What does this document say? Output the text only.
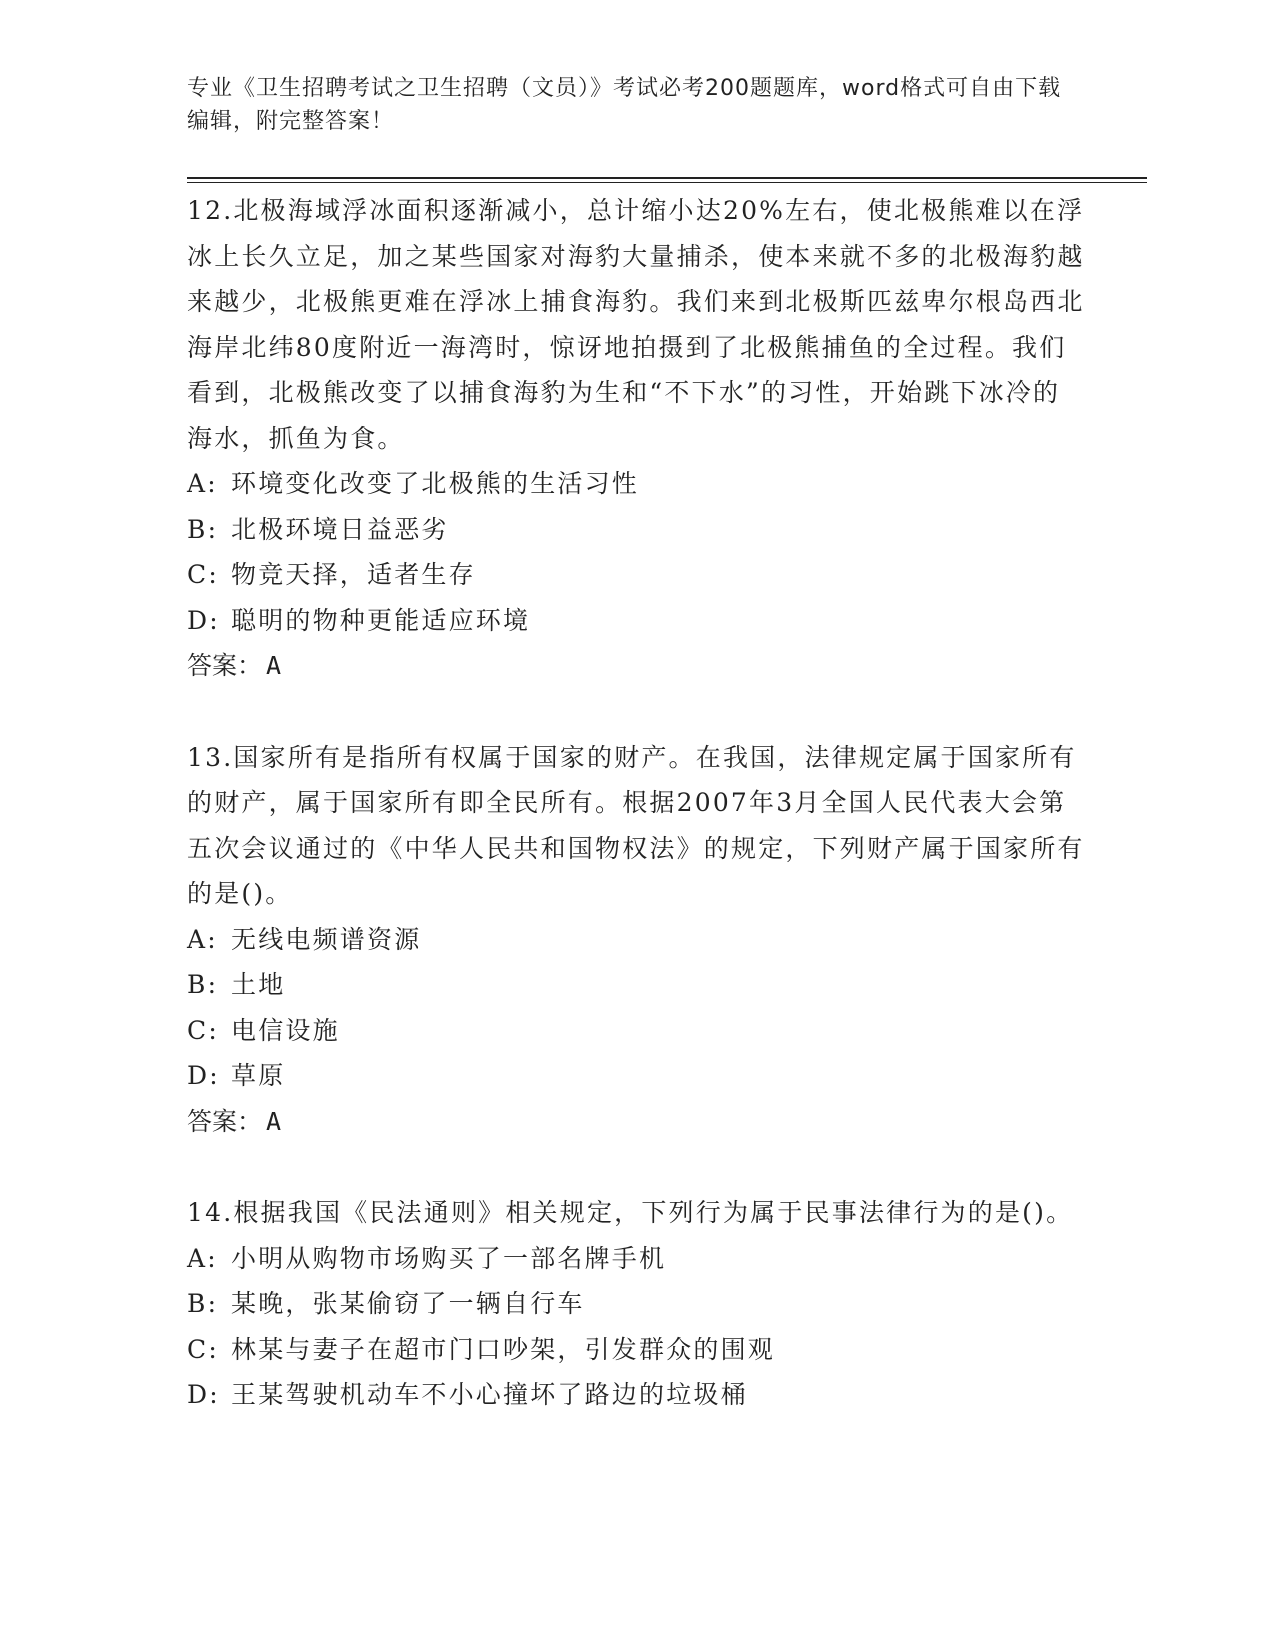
专业《卫生招聘考试之卫生招聘（文员）》考试必考200题题库，word格式可自由下载编辑，附完整答案！
12.北极海域浮冰面积逐渐减小，总计缩小达20%左右，使北极熊难以在浮冰上长久立足，加之某些国家对海豹大量捕杀，使本来就不多的北极海豹越来越少，北极熊更难在浮冰上捕食海豹。我们来到北极斯匹兹卑尔根岛西北海岸北纬80度附近一海湾时，惊讶地拍摄到了北极熊捕鱼的全过程。我们看到，北极熊改变了以捕食海豹为生和“不下水”的习性，开始跳下冰冷的海水，抓鱼为食。
A: 环境变化改变了北极熊的生活习性
B: 北极环境日益恶劣
C: 物竞天择，适者生存
D: 聪明的物种更能适应环境
答案： A
13.国家所有是指所有权属于国家的财产。在我国，法律规定属于国家所有的财产，属于国家所有即全民所有。根据2007年3月全国人民代表大会第五次会议通过的《中华人民共和国物权法》的规定，下列财产属于国家所有的是()。
A: 无线电频谱资源
B: 土地
C: 电信设施
D: 草原
答案： A
14.根据我国《民法通则》相关规定，下列行为属于民事法律行为的是()。
A: 小明从购物市场购买了一部名牌手机
B: 某晚，张某偷窃了一辆自行车
C: 林某与妻子在超市门口吵架，引发群众的围观
D: 王某驾驶机动车不小心撞坏了路边的垃圾桶
